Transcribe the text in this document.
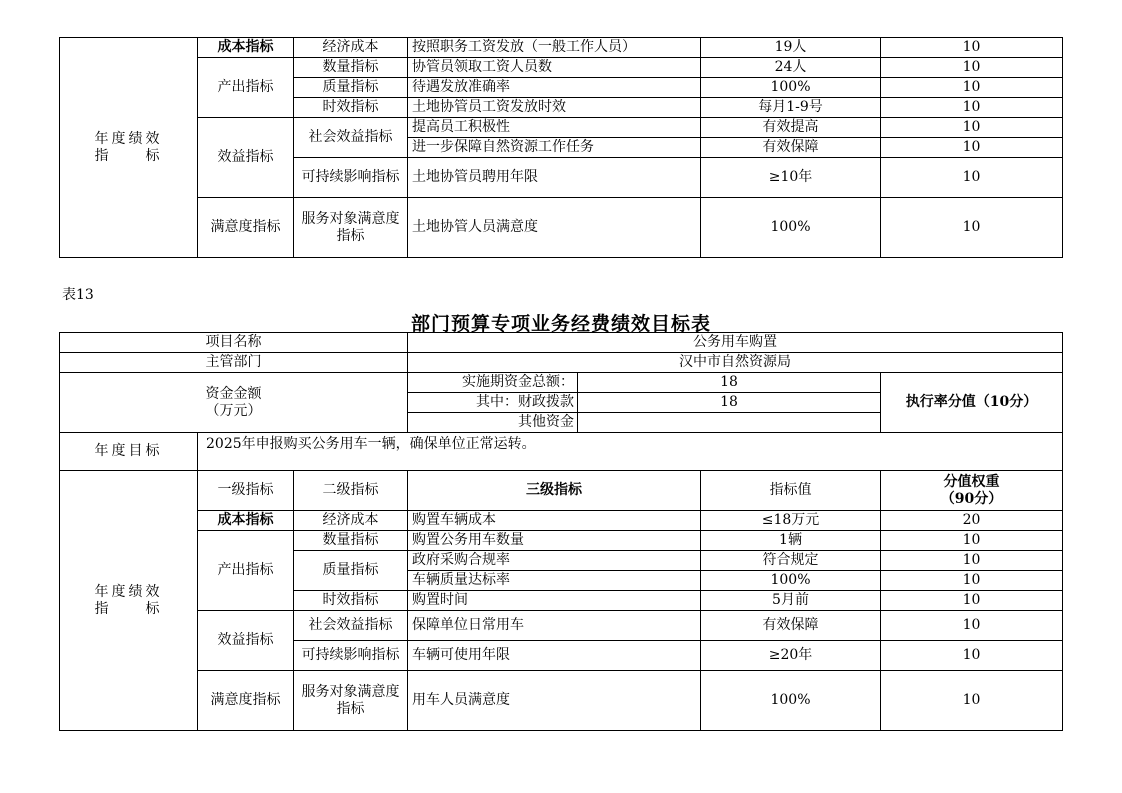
年度绩效指　　标	成本指标	经济成本	按照职务工资发放（一般工作人员）	19人	10
	产出指标	数量指标	协管员领取工资人员数	24人	10
		质量指标	待遇发放准确率	100%	10
		时效指标	土地协管员工资发放时效	每月1-9号	10
	效益指标	社会效益指标	提高员工积极性	有效提高	10
			进一步保障自然资源工作任务	有效保障	10
		可持续影响指标	土地协管员聘用年限	≥10年	10
	满意度指标	服务对象满意度指标	土地协管人员满意度	100%	10
表13
部门预算专项业务经费绩效目标表
项目名称		公务用车购置		
主管部门		汉中市自然资源局		

资金金额
（万元）		实施期资金总额：	18	执行率分值（10分）
		其中：财政拨款	18	
		其他资金		
年度目标	2025年申报购买公务用车一辆，确保单位正常运转。			
年度绩效指　　标	一级指标	二级指标	三级指标	指标值	分值权重
（90分）

	成本指标	经济成本	购置车辆成本	≤18万元	20
	产出指标	数量指标	购置公务用车数量	1辆	10
		质量指标	政府采购合规率	符合规定	10
			车辆质量达标率	100%	10
		时效指标	购置时间	5月前	10
	效益指标	社会效益指标	保障单位日常用车	有效保障	10
		可持续影响指标	车辆可使用年限	≥20年	10
	满意度指标	服务对象满意度指标	用车人员满意度	100%	10
